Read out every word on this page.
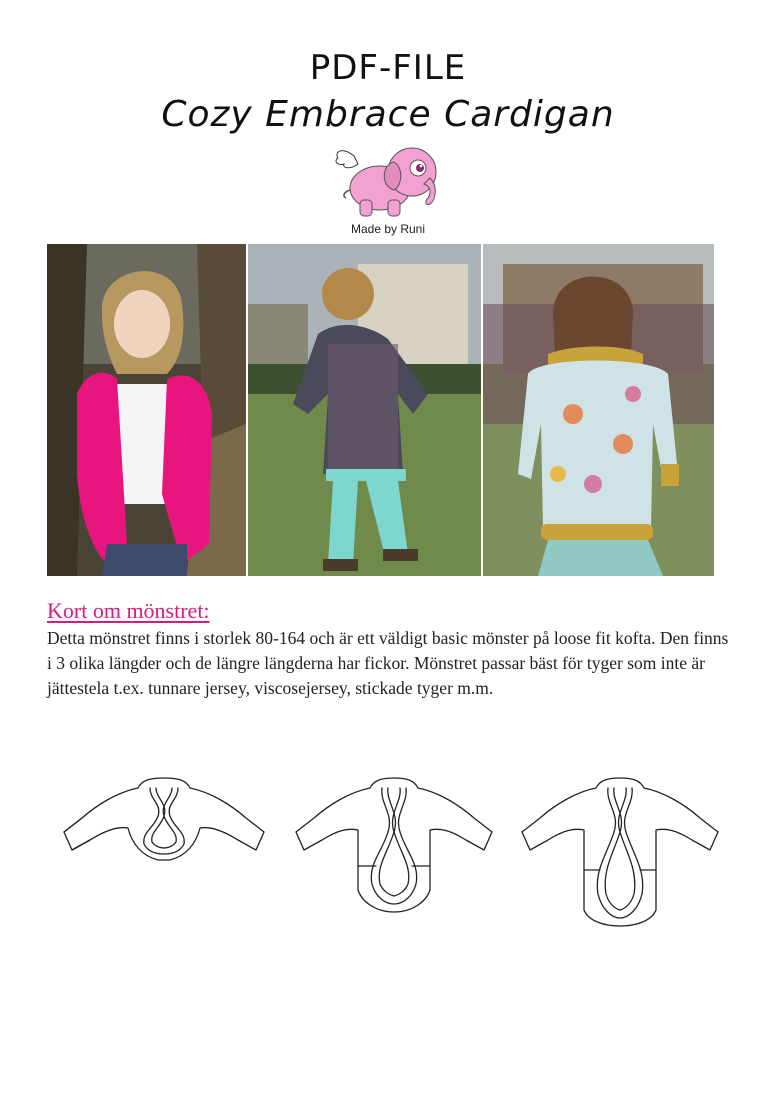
PDF-FILE
Cozy Embrace Cardigan
Made by Runi
Kort om mönstret:
Detta mönstret finns i storlek 80-164 och är ett väldigt basic mönster på loose fit kofta. Den finns i 3 olika längder och de längre längderna har fickor. Mönstret passar bäst för tyger som inte är jättestela t.ex. tunnare jersey, viscosejersey, stickade tyger m.m.
